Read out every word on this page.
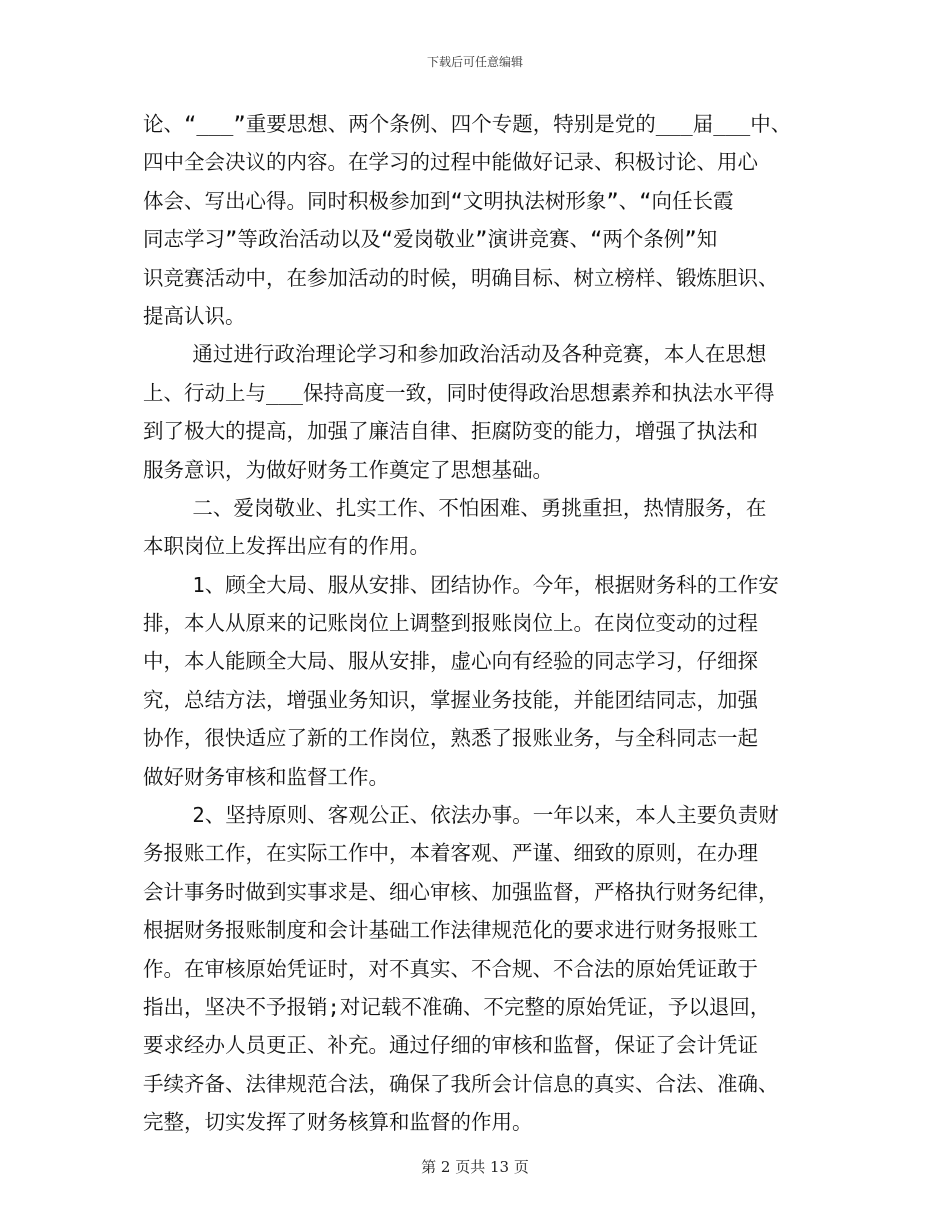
下载后可任意编辑
论、“___”重要思想、两个条例、四个专题，特别是党的___届___中、
四中全会决议的内容。在学习的过程中能做好记录、积极讨论、用心
体会、写出心得。同时积极参加到“文明执法树形象”、“向任长霞
同志学习”等政治活动以及“爱岗敬业”演讲竞赛、“两个条例”知
识竞赛活动中，在参加活动的时候，明确目标、树立榜样、锻炼胆识、
提高认识。
通过进行政治理论学习和参加政治活动及各种竞赛，本人在思想
上、行动上与___保持高度一致，同时使得政治思想素养和执法水平得
到了极大的提高，加强了廉洁自律、拒腐防变的能力，增强了执法和
服务意识，为做好财务工作奠定了思想基础。
二、爱岗敬业、扎实工作、不怕困难、勇挑重担，热情服务，在
本职岗位上发挥出应有的作用。
1、顾全大局、服从安排、团结协作。今年，根据财务科的工作安
排，本人从原来的记账岗位上调整到报账岗位上。在岗位变动的过程
中，本人能顾全大局、服从安排，虚心向有经验的同志学习，仔细探
究，总结方法，增强业务知识，掌握业务技能，并能团结同志，加强
协作，很快适应了新的工作岗位，熟悉了报账业务，与全科同志一起
做好财务审核和监督工作。
2、坚持原则、客观公正、依法办事。一年以来，本人主要负责财
务报账工作，在实际工作中，本着客观、严谨、细致的原则，在办理
会计事务时做到实事求是、细心审核、加强监督，严格执行财务纪律，
根据财务报账制度和会计基础工作法律规范化的要求进行财务报账工
作。在审核原始凭证时，对不真实、不合规、不合法的原始凭证敢于
指出，坚决不予报销;对记载不准确、不完整的原始凭证，予以退回，
要求经办人员更正、补充。通过仔细的审核和监督，保证了会计凭证
手续齐备、法律规范合法，确保了我所会计信息的真实、合法、准确、
完整，切实发挥了财务核算和监督的作用。
第 2 页共 13 页
